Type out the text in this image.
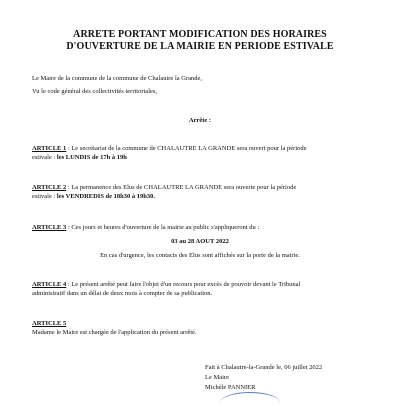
ARRETE PORTANT MODIFICATION DES HORAIRES
D'OUVERTURE DE LA MAIRIE EN PERIODE ESTIVALE
Le Maire de la commune de la commune de Chalautre la Grande,
Vu le code général des collectivités territoriales,
Arrête :
ARTICLE 1 : Le secrétariat de la commune de CHALAUTRE LA GRANDE sera ouvert pour la période
estivale : les LUNDIS de 17h à 19h
ARTICLE 2 : La permanence des Elus de CHALAUTRE LA GRANDE sera ouverte pour la période
estivale : les VENDREDIS de 18h30 à 19h30.
ARTICLE 3 : Ces jours et heures d'ouverture de la mairie au public s'appliqueront du :
03 au 28 AOUT 2022
En cas d'urgence, les contacts des Elus sont affichés sur la porte de la mairie.
ARTICLE 4 : Le présent arrêté peut faire l'objet d'un recours pour excès de pouvoir devant le Tribunal
administratif dans un délai de deux mois à compter de sa publication.
ARTICLE 5
Madame le Maire est chargée de l'application du présent arrêté.
Fait à Chalautre-la-Grande le, 06 juillet 2022
Le Maire
Michèle PANNIER
